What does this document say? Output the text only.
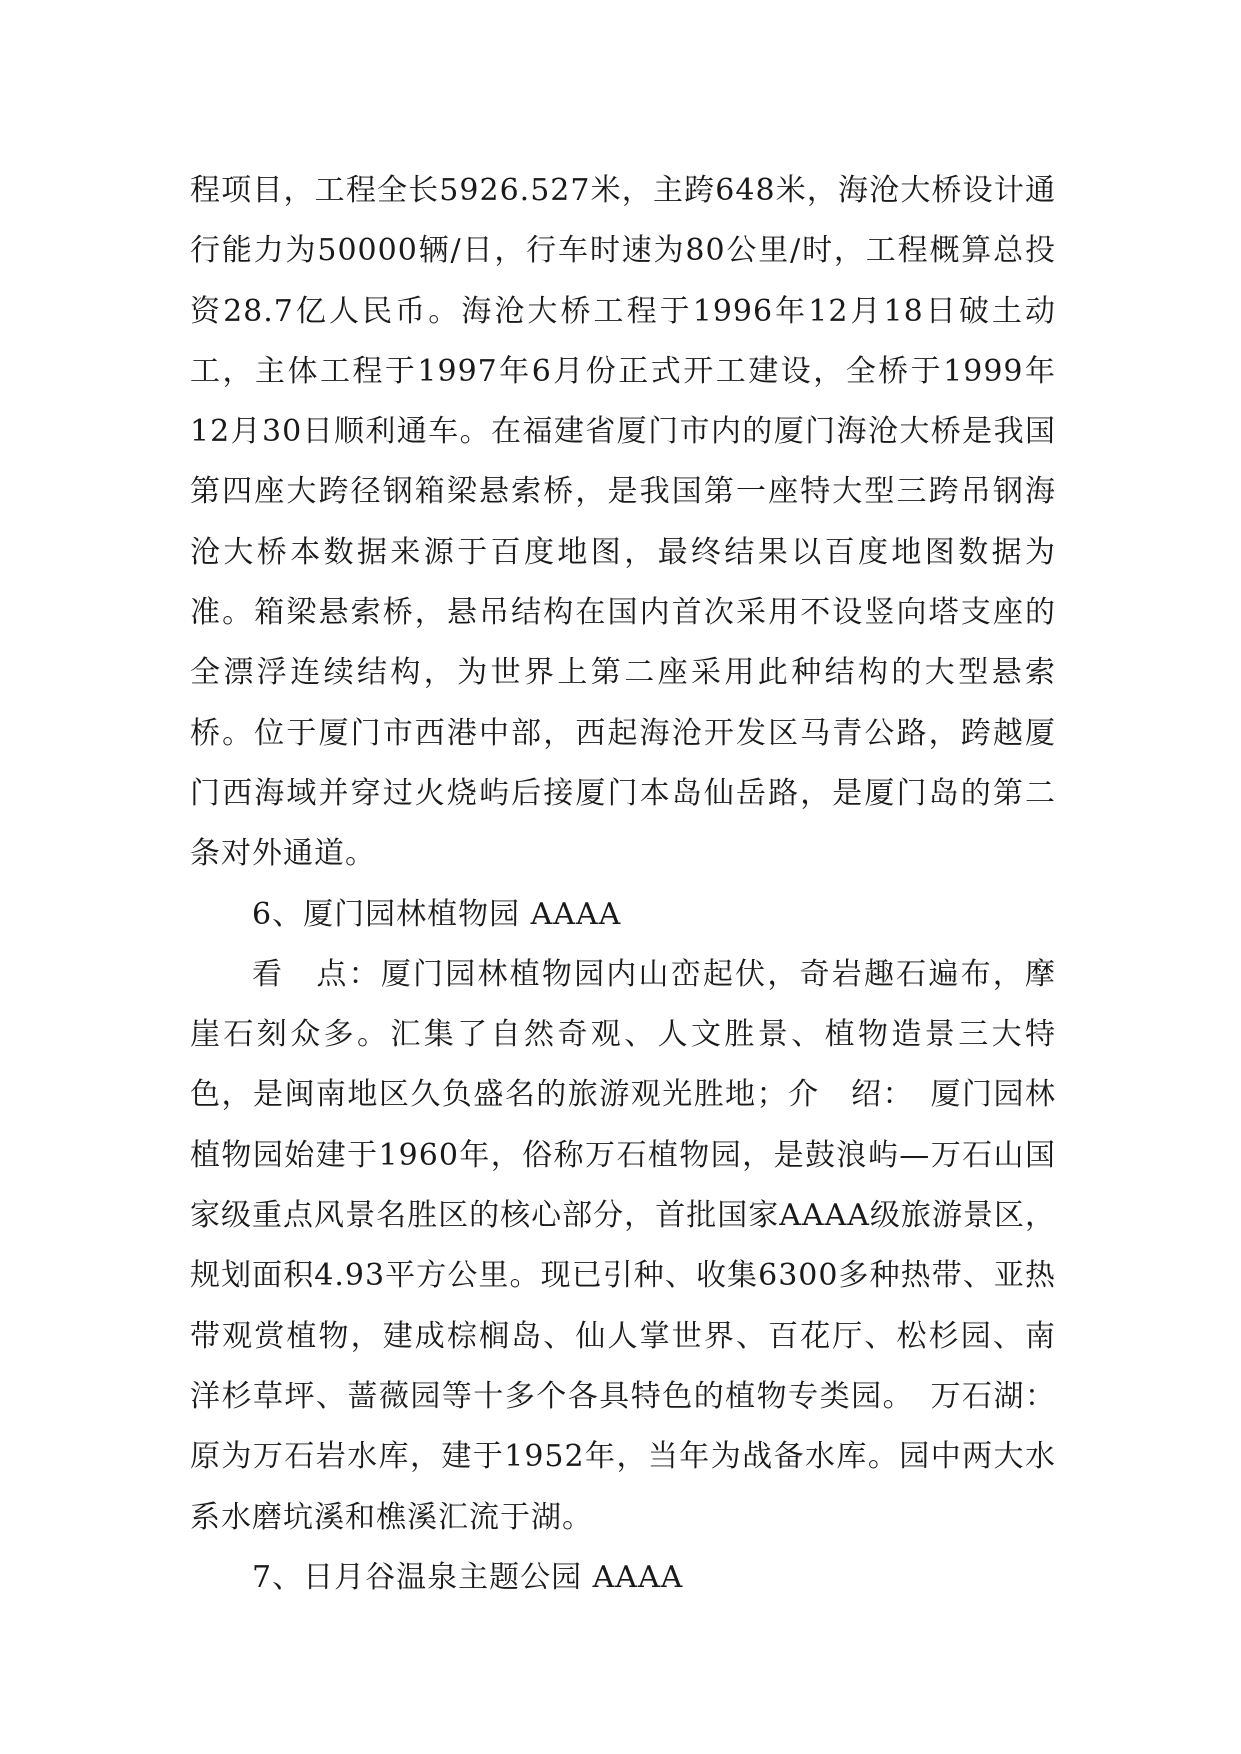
程项目，工程全长5926.527米，主跨648米，海沧大桥设计通行能力为50000辆/日，行车时速为80公里/时，工程概算总投资28.7亿人民币。海沧大桥工程于1996年12月18日破土动工，主体工程于1997年6月份正式开工建设，全桥于1999年12月30日顺利通车。在福建省厦门市内的厦门海沧大桥是我国第四座大跨径钢箱梁悬索桥，是我国第一座特大型三跨吊钢海沧大桥本数据来源于百度地图，最终结果以百度地图数据为准。箱梁悬索桥，悬吊结构在国内首次采用不设竖向塔支座的全漂浮连续结构，为世界上第二座采用此种结构的大型悬索桥。位于厦门市西港中部，西起海沧开发区马青公路，跨越厦门西海域并穿过火烧屿后接厦门本岛仙岳路，是厦门岛的第二条对外通道。

6、厦门园林植物园 AAAA

看　点：厦门园林植物园内山峦起伏，奇岩趣石遍布，摩崖石刻众多。汇集了自然奇观、人文胜景、植物造景三大特色，是闽南地区久负盛名的旅游观光胜地；介　绍：　厦门园林植物园始建于1960年，俗称万石植物园，是鼓浪屿—万石山国家级重点风景名胜区的核心部分，首批国家AAAA级旅游景区，规划面积4.93平方公里。现已引种、收集6300多种热带、亚热带观赏植物，建成棕榈岛、仙人掌世界、百花厅、松杉园、南洋杉草坪、蔷薇园等十多个各具特色的植物专类园。　万石湖：原为万石岩水库，建于1952年，当年为战备水库。园中两大水系水磨坑溪和樵溪汇流于湖。

7、日月谷温泉主题公园 AAAA
